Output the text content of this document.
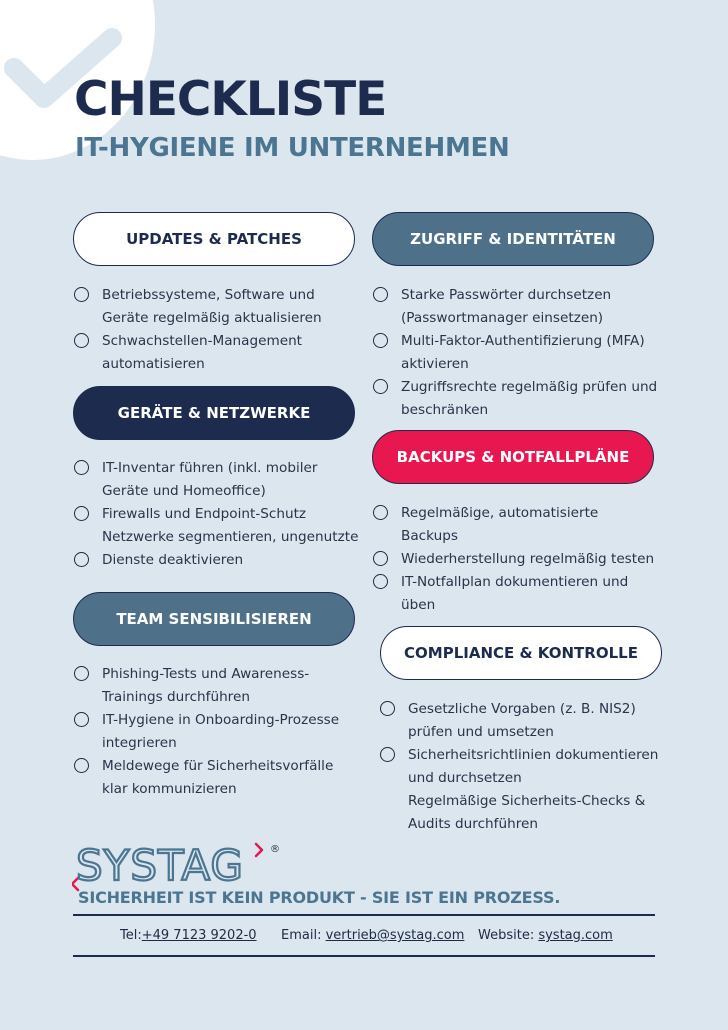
CHECKLISTE
IT-HYGIENE IM UNTERNEHMEN
UPDATES & PATCHES
Betriebssysteme, Software und
Geräte regelmäßig aktualisieren
Schwachstellen-Management
automatisieren
ZUGRIFF & IDENTITÄTEN
Starke Passwörter durchsetzen
(Passwortmanager einsetzen)
Multi-Faktor-Authentifizierung (MFA)
aktivieren
Zugriffsrechte regelmäßig prüfen und
beschränken
GERÄTE & NETZWERKE
IT-Inventar führen (inkl. mobiler
Geräte und Homeoffice)
Firewalls und Endpoint-Schutz
Netzwerke segmentieren, ungenutzte
Dienste deaktivieren
BACKUPS & NOTFALLPLÄNE
Regelmäßige, automatisierte
Backups
Wiederherstellung regelmäßig testen
IT-Notfallplan dokumentieren und
üben
TEAM SENSIBILISIEREN
Phishing-Tests und Awareness-
Trainings durchführen
IT-Hygiene in Onboarding-Prozesse
integrieren
Meldewege für Sicherheitsvorfälle
klar kommunizieren
COMPLIANCE & KONTROLLE
Gesetzliche Vorgaben (z. B. NIS2)
prüfen und umsetzen
Sicherheitsrichtlinien dokumentieren
und durchsetzen
Regelmäßige Sicherheits-Checks &
Audits durchführen
SYSTAG	®
SICHERHEIT IST KEIN PRODUKT - SIE IST EIN PROZESS.
Tel:+49 7123 9202-0 Email: vertrieb@systag.com Website: systag.com
